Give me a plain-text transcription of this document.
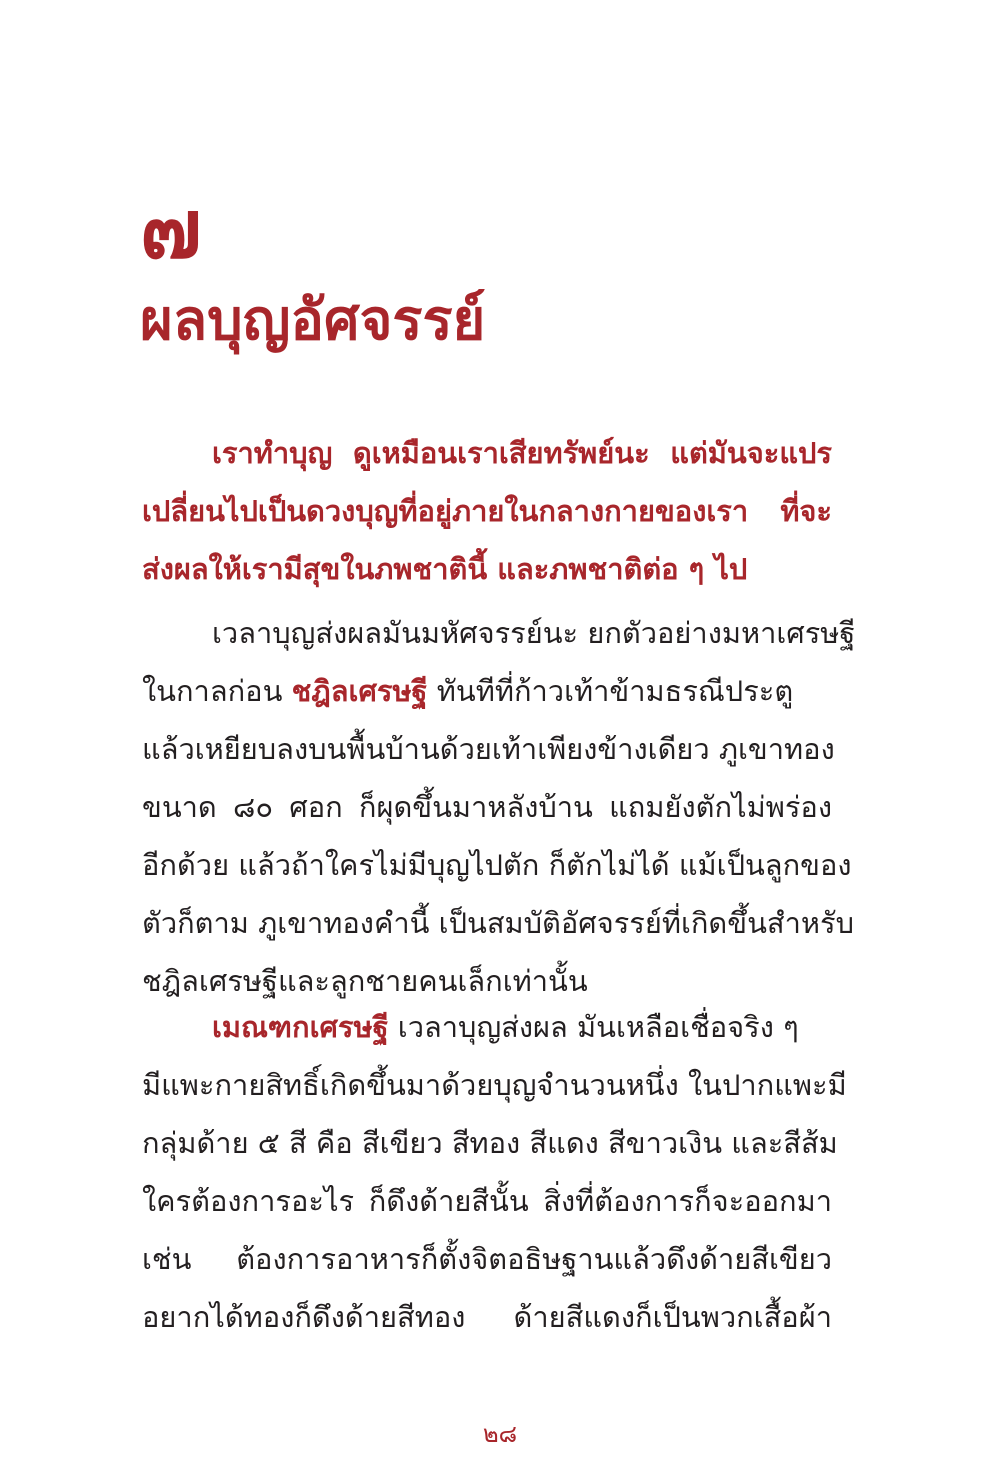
๗
ผลบุญอัศจรรย์
เราทำบุญ ดูเหมือนเราเสียทรัพย์นะ แต่มันจะแปร
เปลี่ยนไปเป็นดวงบุญที่อยู่ภายในกลางกายของเรา ที่จะ
ส่งผลให้เรามีสุขในภพชาตินี้ และภพชาติต่อ ๆ ไป
เวลาบุญส่งผลมันมหัศจรรย์นะ ยกตัวอย่างมหาเศรษฐี
ในกาลก่อน ชฎิลเศรษฐี ทันทีที่ก้าวเท้าข้ามธรณีประตู
แล้วเหยียบลงบนพื้นบ้านด้วยเท้าเพียงข้างเดียว ภูเขาทอง
ขนาด ๘๐ ศอก ก็ผุดขึ้นมาหลังบ้าน แถมยังตักไม่พร่อง
อีกด้วย แล้วถ้าใครไม่มีบุญไปตัก ก็ตักไม่ได้ แม้เป็นลูกของ
ตัวก็ตาม ภูเขาทองคำนี้ เป็นสมบัติอัศจรรย์ที่เกิดขึ้นสำหรับ
ชฎิลเศรษฐีและลูกชายคนเล็กเท่านั้น
เมณฑกเศรษฐี เวลาบุญส่งผล มันเหลือเชื่อจริง ๆ
มีแพะกายสิทธิ์เกิดขึ้นมาด้วยบุญจำนวนหนึ่ง ในปากแพะมี
กลุ่มด้าย ๕ สี คือ สีเขียว สีทอง สีแดง สีขาวเงิน และสีส้ม
ใครต้องการอะไร ก็ดึงด้ายสีนั้น สิ่งที่ต้องการก็จะออกมา
เช่น ต้องการอาหารก็ตั้งจิตอธิษฐานแล้วดึงด้ายสีเขียว
อยากได้ทองก็ดึงด้ายสีทอง ด้ายสีแดงก็เป็นพวกเสื้อผ้า
๒๘
